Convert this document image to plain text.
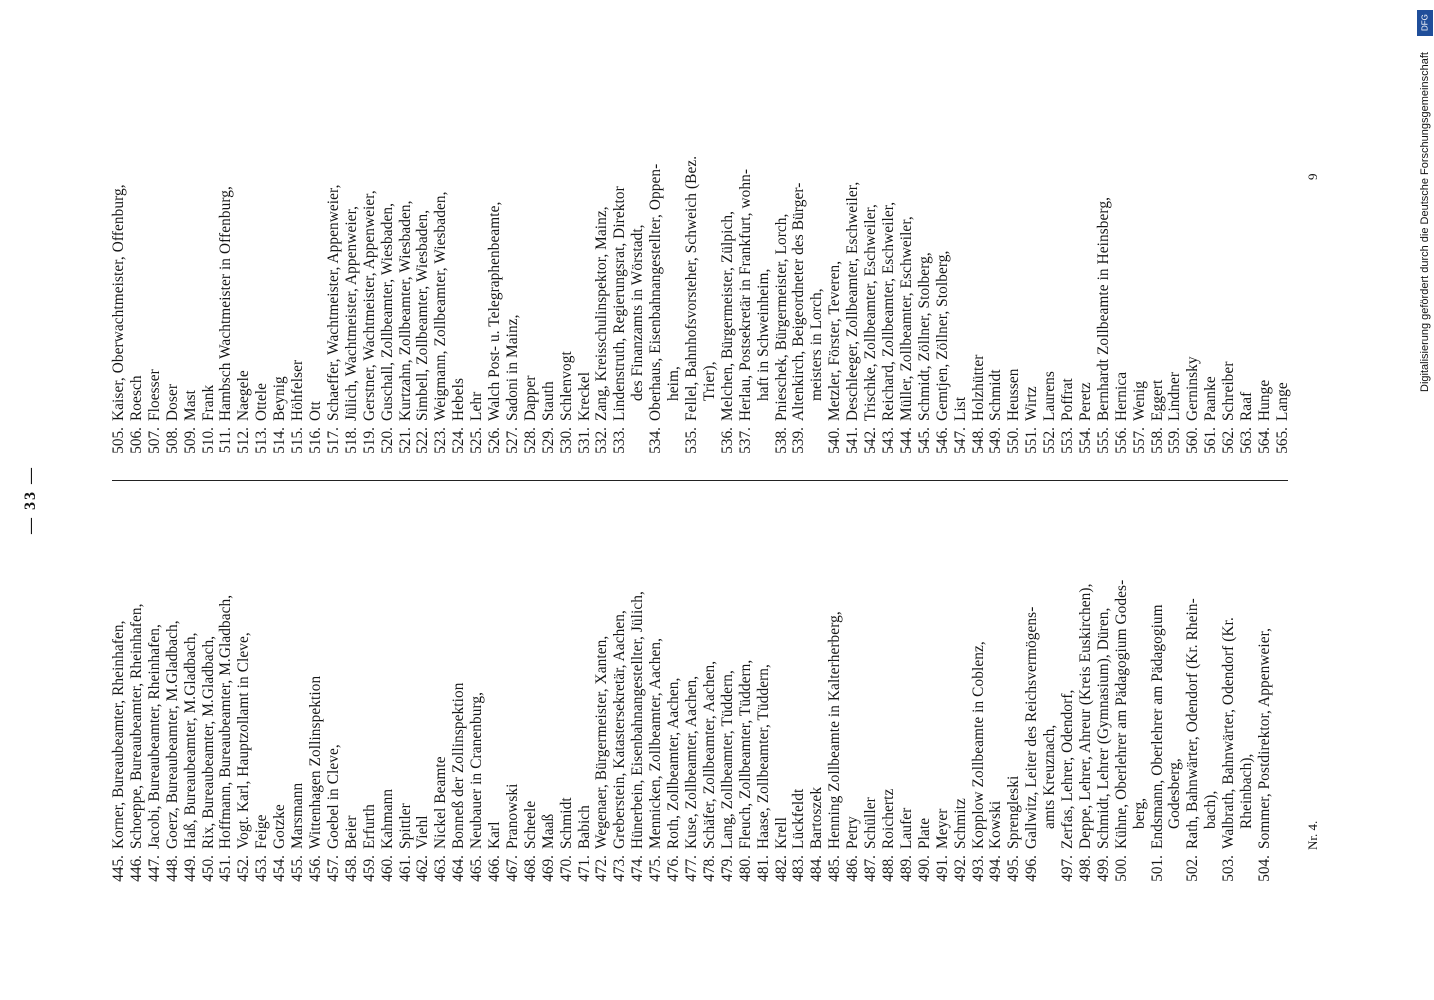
— 33 —
445.
Korner, Bureaubeamter, Rheinhafen,
446.
Schoeppe, Bureaubeamter, Rheinhafen,
447.
Jacobi, Bureaubeamter, Rheinhafen,
448.
Goerz, Bureaubeamter, M.Gladbach,
449.
Haß, Bureaubeamter, M.Gladbach,
450.
Rix, Bureaubeamter, M.Gladbach,
451.
Hoffmann, Bureaubeamter, M.Gladbach,
452.
Vogt. Karl, Hauptzollamt in Cleve,
453.
Feige
454.
Gotzke
455.
Marsmann
456.
Wittenhagen Zollinspektion
457.
Goebel in Cleve,
458.
Beier
459.
Erfurth
460.
Kahmann
461.
Spittler
462.
Viehl
463.
Nickel Beamte
464.
Bonneß der Zollinspektion
465.
Neubauer in Cranenburg,
466.
Karl
467.
Pranowski
468.
Scheele
469.
Maaß
470.
Schmidt
471.
Babich
472.
Wegenaer, Bürgermeister, Xanten,
473.
Greberstein, Katastersekretär, Aachen,
474.
Hünerbein, Eisenbahnangestellter, Jülich,
475.
Mennicken, Zollbeamter, Aachen,
476.
Roth, Zollbeamter, Aachen,
477.
Kuse, Zollbeamter, Aachen,
478.
Schäfer, Zollbeamter, Aachen,
479.
Lang, Zollbeamter, Tüddern,
480.
Fleuch, Zollbeamter, Tüddern,
481.
Haase, Zollbeamter, Tüddern,
482.
Krell
483.
Lückfeldt
484.
Bartoszek
485.
Henning Zollbeamte in Kalterherberg,
486.
Petry
487.
Schüller
488.
Roichertz
489.
Laufer
490.
Plate
491.
Meyer
492.
Schmitz
493.
Kopplow Zollbeamte in Coblenz,
494.
Kowski
495.
Sprengleski
496.
Gallwitz, Leiter des Reichsvermögens- amts Kreuznach,
497.
Zerfas, Lehrer, Odendorf,
498.
Deppe, Lehrer, Ahreur (Kreis Euskirchen),
499.
Schmidt, Lehrer (Gymnasium), Düren,
500.
Kühne, Oberlehrer am Pädagogium Godes- berg,
501.
Endsmann, Oberlehrer am Pädagogium Godesberg,
502.
Rath, Bahnwärter, Odendorf (Kr. Rhein- bach),
503.
Walbrath, Bahnwärter, Odendorf (Kr. Rheinbach),
504.
Sommer, Postdirektor, Appenweier,
505.
Kaiser, Oberwachtmeister, Offenburg,
506.
Roesch
507.
Floesser
508.
Doser
509.
Mast
510.
Frank
511.
Hambsch Wachtmeister in Offenburg,
512.
Naegele
513.
Ottele
514.
Beynig
515.
Höhfelser
516.
Ott
517.
Schaeffer, Wachtmeister, Appenweier,
518.
Jülich, Wachtmeister, Appenweier,
519.
Gerstner, Wachtmeister, Appenweier,
520.
Guschall, Zollbeamter, Wiesbaden,
521.
Kurtzahn, Zollbeamter, Wiesbaden,
522.
Simbell, Zollbeamter, Wiesbaden,
523.
Weigmann, Zollbeamter, Wiesbaden,
524.
Hebels
525.
Lehr
526.
Walch Post- u. Telegraphenbeamte,
527.
Sadoni in Mainz,
528.
Dapper
529.
Stauth
530.
Schlenvogt
531.
Kreckel
532.
Zang, Kreisschulinspektor, Mainz,
533.
Lindenstruth, Regierungsrat, Direktor des Finanzamts in Wörstadt,
534.
Oberhaus, Eisenbahnangestellter, Oppen- heim,
535.
Fellel, Bahnhofsvorsteher, Schweich (Bez. Trier),
536.
Melchen, Bürgermeister, Zülpich,
537.
Herlau, Postsekretär in Frankfurt, wohn- haft in Schweinheim,
538.
Pnieschek, Bürgermeister, Lorch,
539.
Altenkirch, Beigeordneter des Bürger- meisters in Lorch,
540.
Metzler, Förster, Teveren,
541.
Deschleeger, Zollbeamter, Eschweiler,
542.
Trischke, Zollbeamter, Eschweiler,
543.
Reichard, Zollbeamter, Eschweiler,
544.
Müller, Zollbeamter, Eschweiler,
545.
Schmidt, Zöllner, Stolberg,
546.
Gemtjen, Zöllner, Stolberg,
547.
List
548.
Holzhütter
549.
Schmidt
550.
Heussen
551.
Wirtz
552.
Laurens
553.
Poffrat
554.
Peretz
555.
Bernhardt Zollbeamte in Heinsberg,
556.
Hernica
557.
Wenig
558.
Eggert
559.
Lindner
560.
Gerninsky
561.
Paanke
562.
Schreiber
563.
Raaf
564.
Hunge
565.
Lange
Nr. 4.
9	Digitalisierung gefördert durch die Deutsche Forschungsgemeinschaft
DFG
